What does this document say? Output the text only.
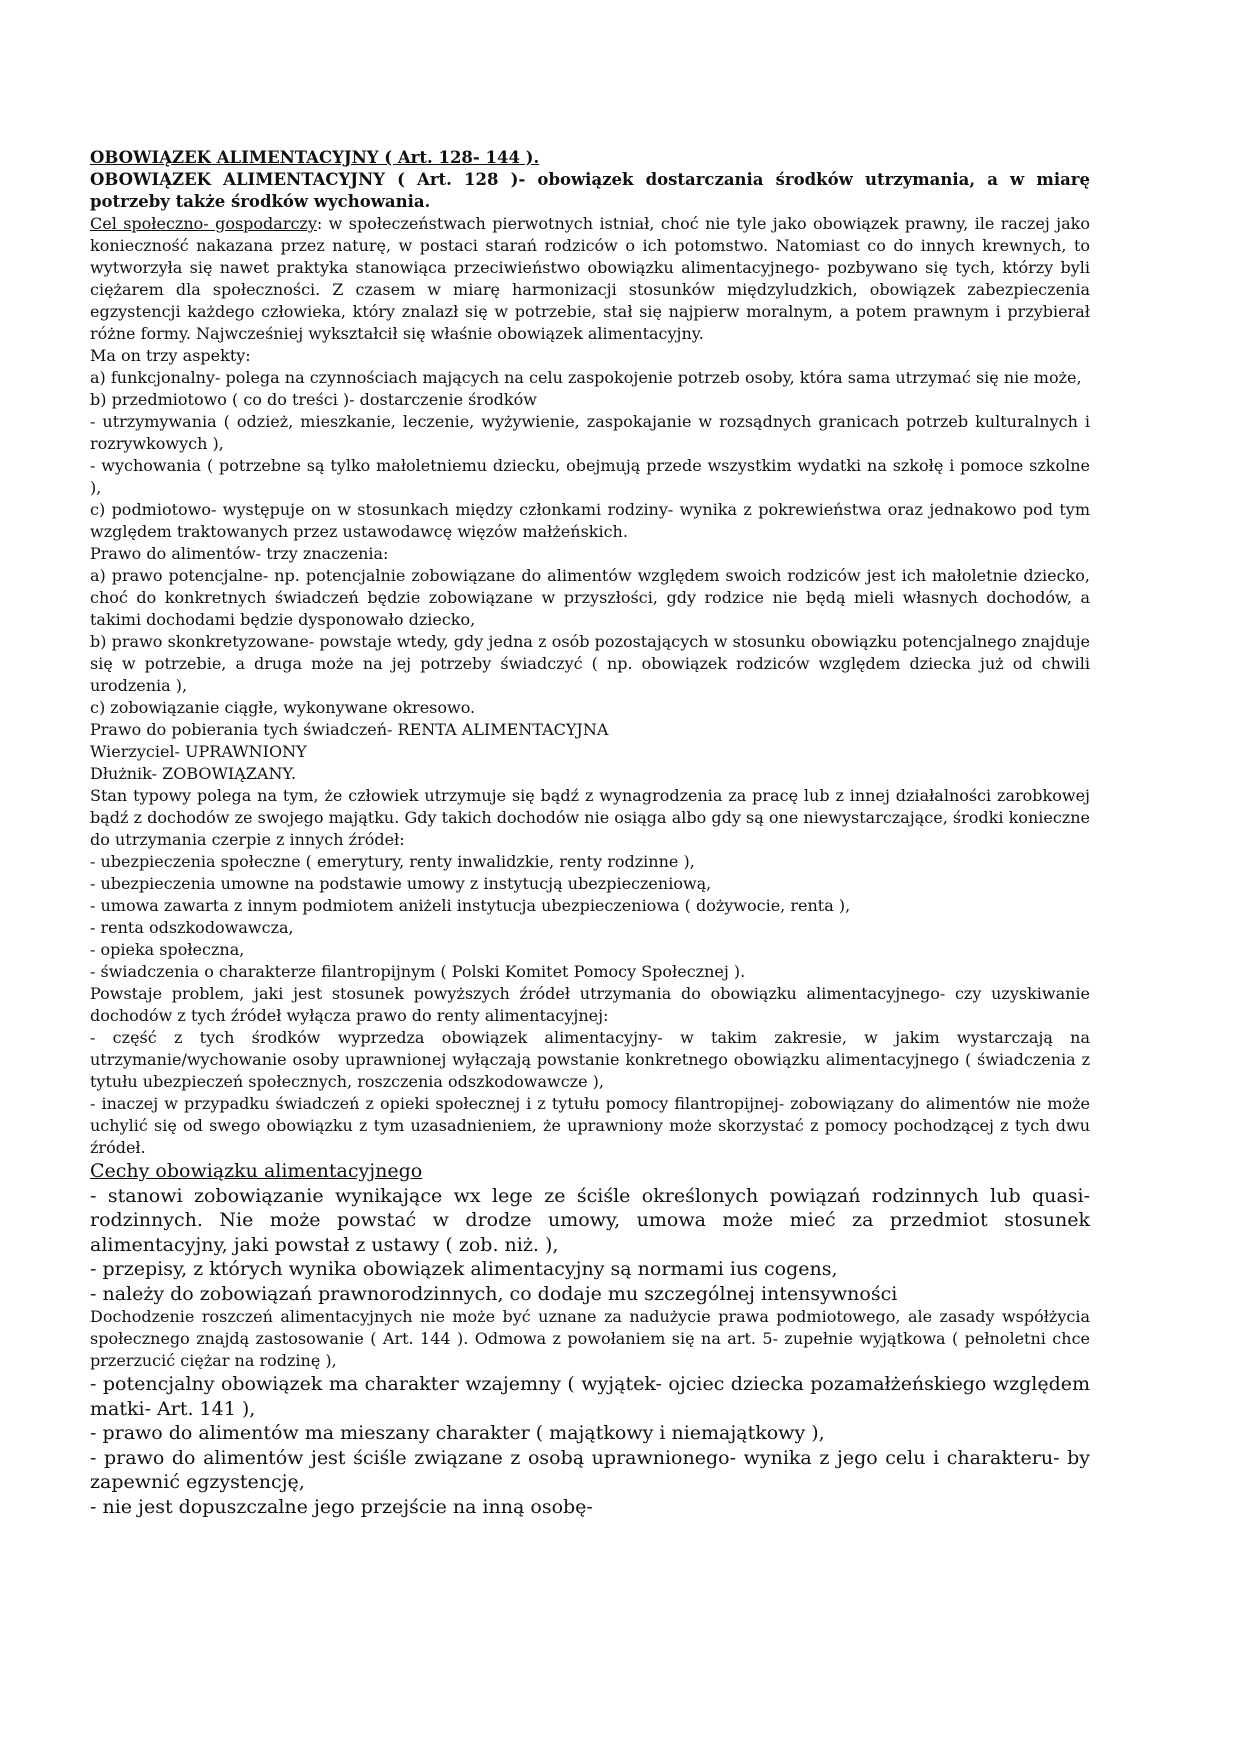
OBOWIĄZEK ALIMENTACYJNY ( Art. 128- 144 ).

OBOWIĄZEK ALIMENTACYJNY ( Art. 128 )- obowiązek dostarczania środków utrzymania, a w miarę potrzeby także środków wychowania.

Cel społeczno- gospodarczy: w społeczeństwach pierwotnych istniał, choć nie tyle jako obowiązek prawny, ile raczej jako konieczność nakazana przez naturę, w postaci starań rodziców o ich potomstwo. Natomiast co do innych krewnych, to wytworzyła się nawet praktyka stanowiąca przeciwieństwo obowiązku alimentacyjnego- pozbywano się tych, którzy byli ciężarem dla społeczności. Z czasem w miarę harmonizacji stosunków międzyludzkich, obowiązek zabezpieczenia egzystencji każdego człowieka, który znalazł się w potrzebie, stał się najpierw moralnym, a potem prawnym i przybierał różne formy. Najwcześniej wykształcił się właśnie obowiązek alimentacyjny.

Ma on trzy aspekty:

a) funkcjonalny- polega na czynnościach mających na celu zaspokojenie potrzeb osoby, która sama utrzymać się nie może,

b) przedmiotowo ( co do treści )- dostarczenie środków

- utrzymywania ( odzież, mieszkanie, leczenie, wyżywienie, zaspokajanie w rozsądnych granicach potrzeb kulturalnych i rozrywkowych ),

- wychowania ( potrzebne są tylko małoletniemu dziecku, obejmują przede wszystkim wydatki na szkołę i pomoce szkolne ),

c) podmiotowo- występuje on w stosunkach między członkami rodziny- wynika z pokrewieństwa oraz jednakowo pod tym względem traktowanych przez ustawodawcę więzów małżeńskich.

Prawo do alimentów- trzy znaczenia:

a) prawo potencjalne- np. potencjalnie zobowiązane do alimentów względem swoich rodziców jest ich małoletnie dziecko, choć do konkretnych świadczeń będzie zobowiązane w przyszłości, gdy rodzice nie będą mieli własnych dochodów, a takimi dochodami będzie dysponowało dziecko,

b) prawo skonkretyzowane- powstaje wtedy, gdy jedna z osób pozostających w stosunku obowiązku potencjalnego znajduje się w potrzebie, a druga może na jej potrzeby świadczyć ( np. obowiązek rodziców względem dziecka już od chwili urodzenia ),

c) zobowiązanie ciągłe, wykonywane okresowo.

Prawo do pobierania tych świadczeń- RENTA ALIMENTACYJNA

Wierzyciel- UPRAWNIONY

Dłużnik- ZOBOWIĄZANY.

Stan typowy polega na tym, że człowiek utrzymuje się bądź z wynagrodzenia za pracę lub z innej działalności zarobkowej bądź z dochodów ze swojego majątku. Gdy takich dochodów nie osiąga albo gdy są one niewystarczające, środki konieczne do utrzymania czerpie z innych źródeł:

- ubezpieczenia społeczne ( emerytury, renty inwalidzkie, renty rodzinne ),

- ubezpieczenia umowne na podstawie umowy z instytucją ubezpieczeniową,

- umowa zawarta z innym podmiotem aniżeli instytucja ubezpieczeniowa ( dożywocie, renta ),

- renta odszkodowawcza,

- opieka społeczna,

- świadczenia o charakterze filantropijnym ( Polski Komitet Pomocy Społecznej ).

Powstaje problem, jaki jest stosunek powyższych źródeł utrzymania do obowiązku alimentacyjnego- czy uzyskiwanie dochodów z tych źródeł wyłącza prawo do renty alimentacyjnej:

- część z tych środków wyprzedza obowiązek alimentacyjny- w takim zakresie, w jakim wystarczają na utrzymanie/wychowanie osoby uprawnionej wyłączają powstanie konkretnego obowiązku alimentacyjnego ( świadczenia z tytułu ubezpieczeń społecznych, roszczenia odszkodowawcze ),

- inaczej w przypadku świadczeń z opieki społecznej i z tytułu pomocy filantropijnej- zobowiązany do alimentów nie może uchylić się od swego obowiązku z tym uzasadnieniem, że uprawniony może skorzystać z pomocy pochodzącej z tych dwu źródeł.

Cechy obowiązku alimentacyjnego

- stanowi zobowiązanie wynikające wx lege ze ściśle określonych powiązań rodzinnych lub quasi-rodzinnych. Nie może powstać w drodze umowy, umowa może mieć za przedmiot stosunek alimentacyjny, jaki powstał z ustawy ( zob. niż. ),

- przepisy, z których wynika obowiązek alimentacyjny są normami ius cogens,

- należy do zobowiązań prawnorodzinnych, co dodaje mu szczególnej intensywności

Dochodzenie roszczeń alimentacyjnych nie może być uznane za nadużycie prawa podmiotowego, ale zasady współżycia społecznego znajdą zastosowanie ( Art. 144 ). Odmowa z powołaniem się na art. 5- zupełnie wyjątkowa ( pełnoletni chce przerzucić ciężar na rodzinę ),

- potencjalny obowiązek ma charakter wzajemny ( wyjątek- ojciec dziecka pozamałżeńskiego względem matki- Art. 141 ),

- prawo do alimentów ma mieszany charakter ( majątkowy i niemajątkowy ),

- prawo do alimentów jest ściśle związane z osobą uprawnionego- wynika z jego celu i charakteru- by zapewnić egzystencję,

- nie jest dopuszczalne jego przejście na inną osobę-
